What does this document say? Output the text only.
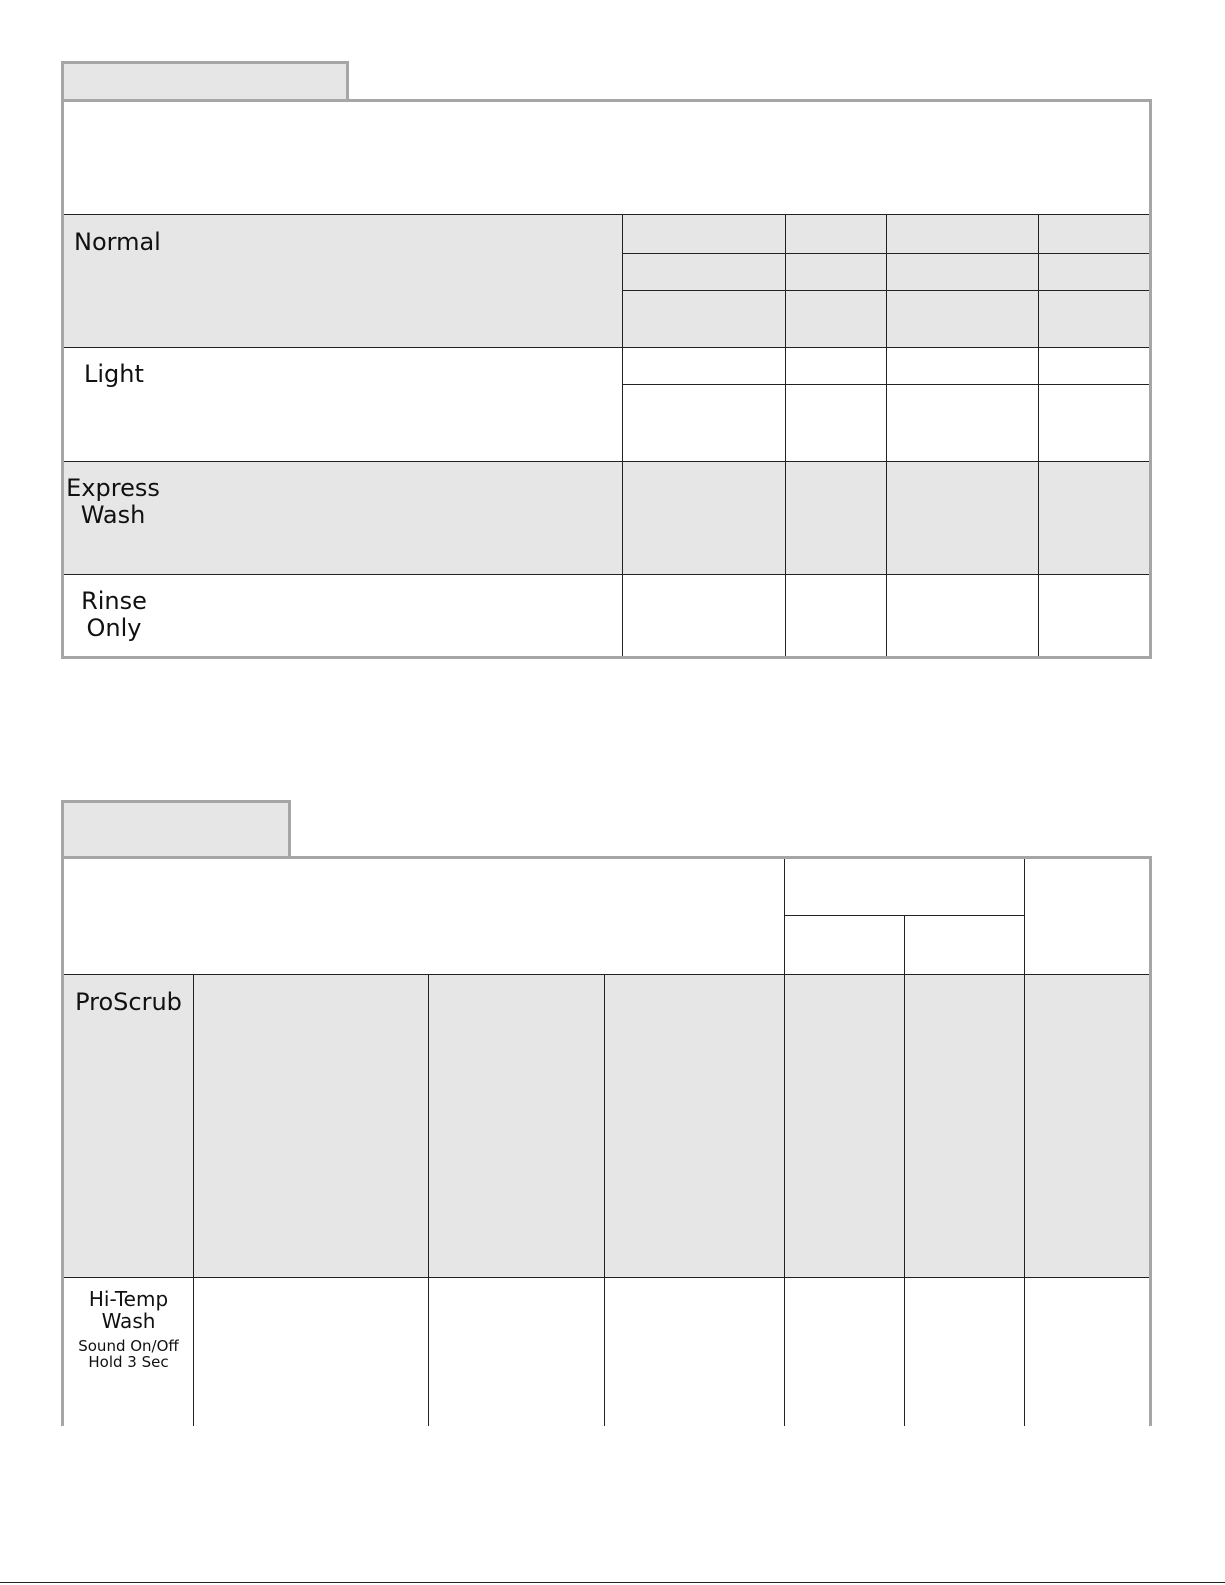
Normal
Light
Express
Wash
Rinse
Only
ProScrub
Hi-Temp
Wash
Sound On/Off
Hold 3 Sec
